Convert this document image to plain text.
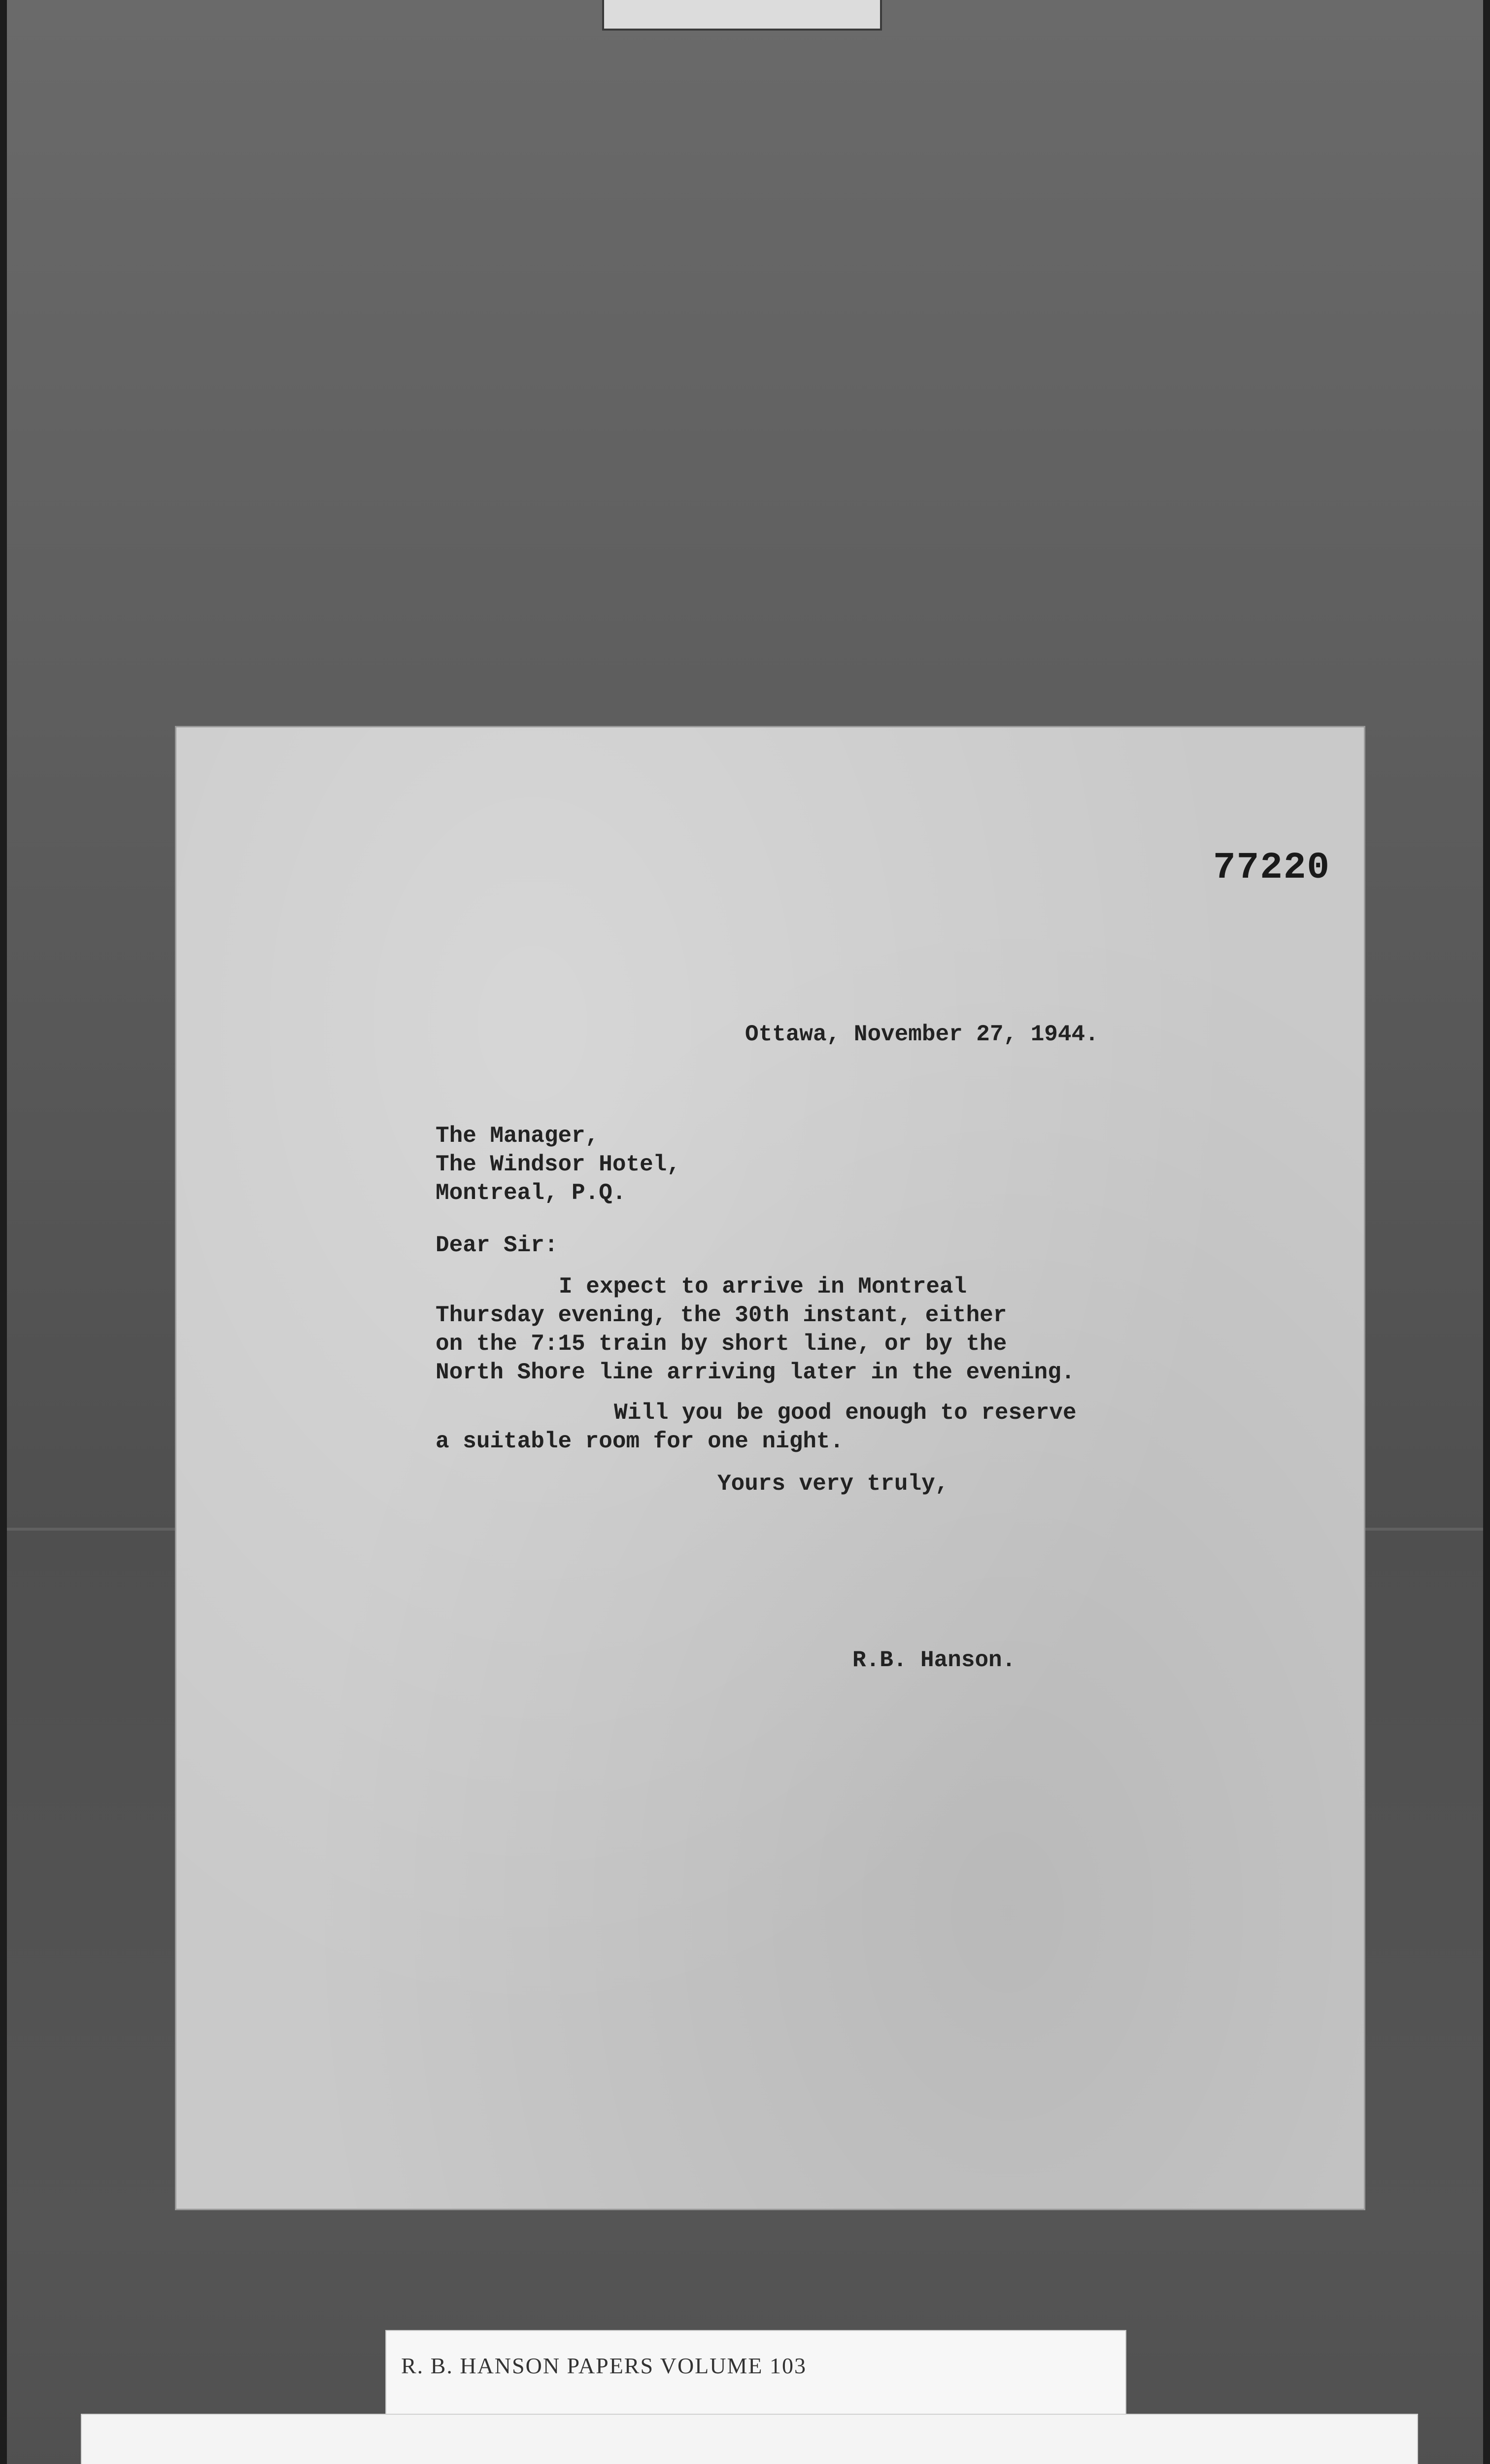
77220

Ottawa, November 27, 1944.

The Manager,

The Windsor Hotel,

Montreal, P.Q.

Dear Sir:

I expect to arrive in Montreal

Thursday evening, the 30th instant, either

on the 7:15 train by short line, or by the

North Shore line arriving later in the evening.

Will you be good enough to reserve

a suitable room for one night.

Yours very truly,

R.B. Hanson.

R. B. HANSON PAPERS VOLUME 103
